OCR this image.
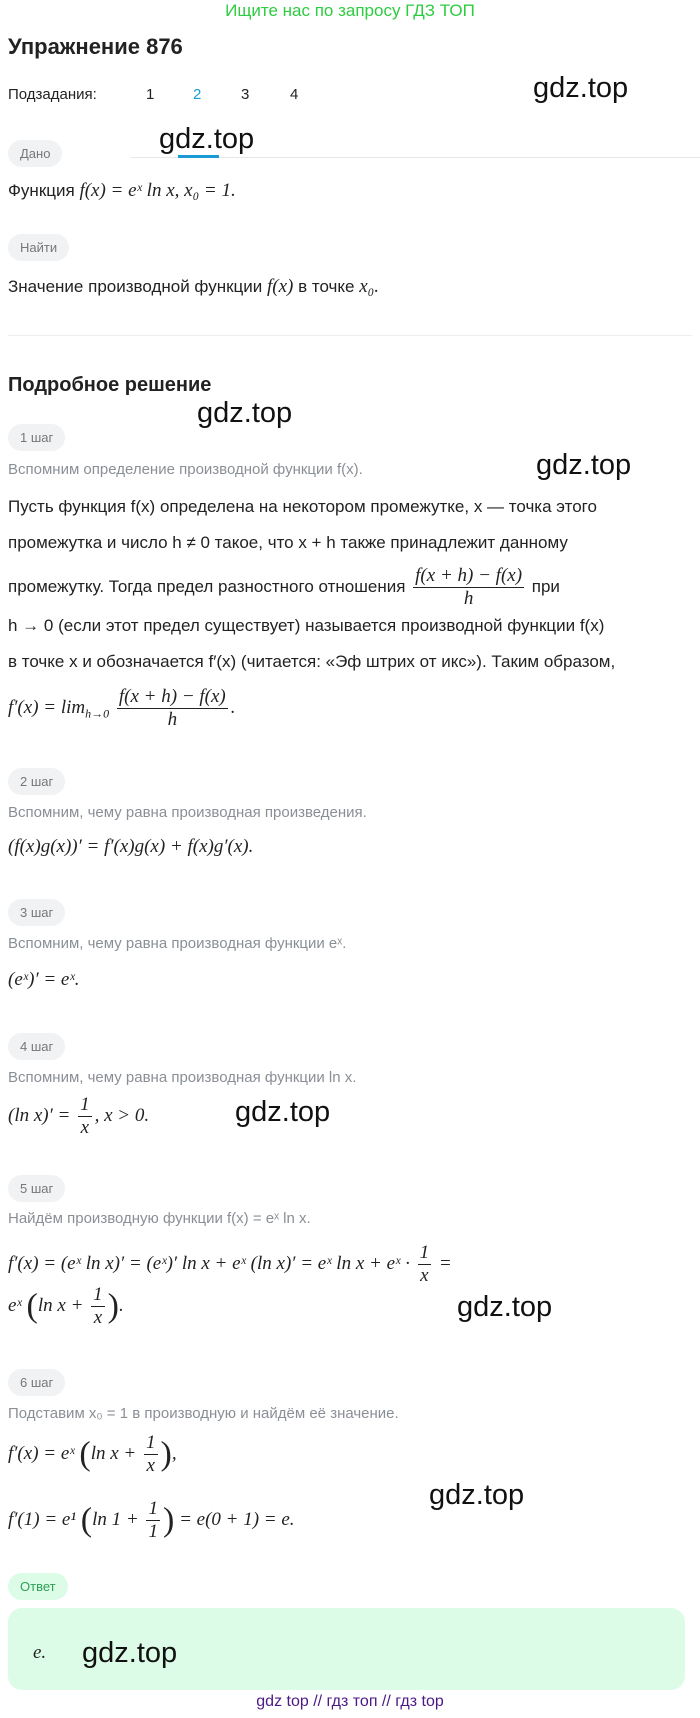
Ищите нас по запросу ГДЗ ТОП
Упражнение 876
Подзадания:	1	2	3	4	gdz.top
gdz.top
gdz.top
gdz.top
gdz.top
gdz.top
gdz.top
gdz.top
Дано
Функция f(x) = eˣ ln x, x₀ = 1.
Найти
Значение производной функции f(x) в точке x₀.
Подробное решение
1 шаг
Вспомним определение производной функции f(x).
Пусть функция f(x) определена на некотором промежутке, x — точка этого
промежутка и число h ≠ 0 такое, что x + h также принадлежит данному
промежутку. Тогда предел разностного отношения $\frac{f(x + h) - f(x)}{h}$ при
h → 0 (если этот предел существует) называется производной функции f(x)
в точке x и обозначается f′(x) (читается: «Эф штрих от икс»). Таким образом,
$f'(x) = \lim_{h\to 0} \frac{f(x + h) - f(x)}{h}$ .
2 шаг
Вспомним, чему равна производная произведения.
(f(x)g(x))′ = f′(x)g(x) + f(x)g′(x).
3 шаг
Вспомним, чему равна производная функции eˣ.
(eˣ)′ = eˣ.
4 шаг
Вспомним, чему равна производная функции ln x.
(ln $x)' = \frac{1}{x}$ , x > 0.
5 шаг
Найдём производную функции f(x) = eˣ ln x.
f′(x) = (eˣ ln x)′ = (eˣ)′ ln x + eˣ (ln x)′ = eˣ ln x + eˣ · $\frac{1}{x}$ =
eˣ (ln $x + \frac{1}{x}$ ).
6 шаг
Подставим x₀ = 1 в производную и найдём её значение.
f′(x) = eˣ (ln $x + \frac{1}{x}$ ),
f′(1) = e¹ (ln $1 + \frac{1}{1}$ ) = e(0 + 1) = e.
Ответ
e.
gdz top // гдз топ // гдз top
